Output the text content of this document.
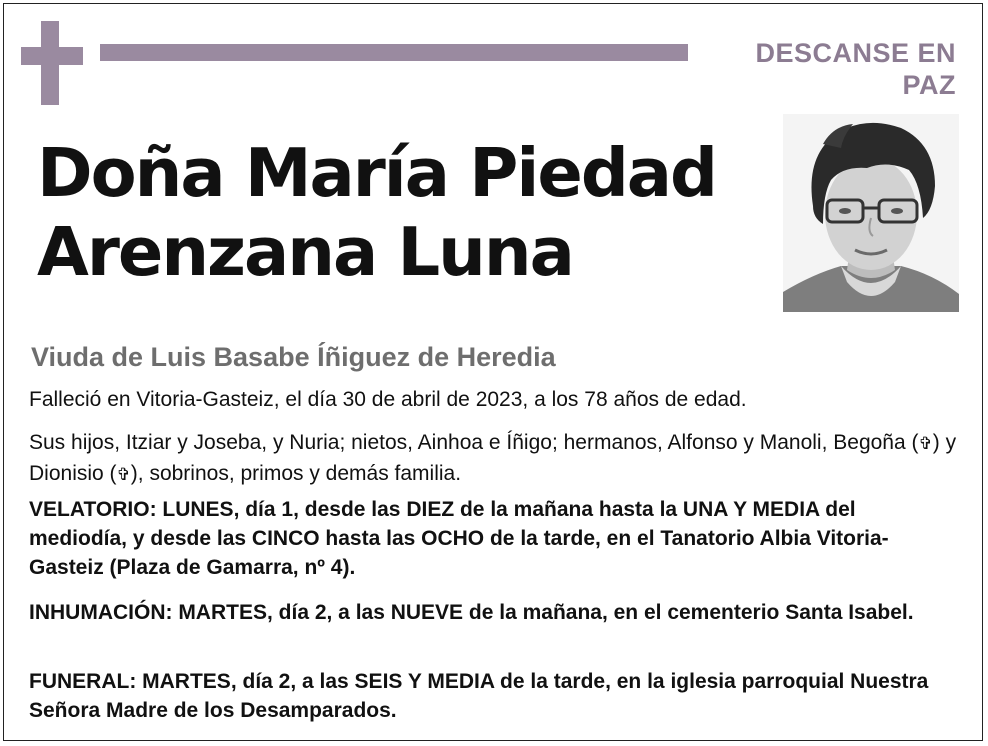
DESCANSE EN PAZ
Doña María Piedad
Arenzana Luna
Viuda de Luis Basabe Íñiguez de Heredia
Falleció en Vitoria-Gasteiz, el día 30 de abril de 2023, a los 78 años de edad.
Sus hijos, Itziar y Joseba, y Nuria; nietos, Ainhoa e Íñigo; hermanos, Alfonso y Manoli, Begoña (✞) y Dionisio (✞), sobrinos, primos y demás familia.
VELATORIO: LUNES, día 1, desde las DIEZ de la mañana hasta la UNA Y MEDIA del mediodía, y desde las CINCO hasta las OCHO de la tarde, en el Tanatorio Albia Vitoria-Gasteiz (Plaza de Gamarra, nº 4).
INHUMACIÓN: MARTES, día 2, a las NUEVE de la mañana, en el cementerio Santa Isabel.
FUNERAL: MARTES, día 2, a las SEIS Y MEDIA de la tarde, en la iglesia parroquial Nuestra Señora Madre de los Desamparados.
